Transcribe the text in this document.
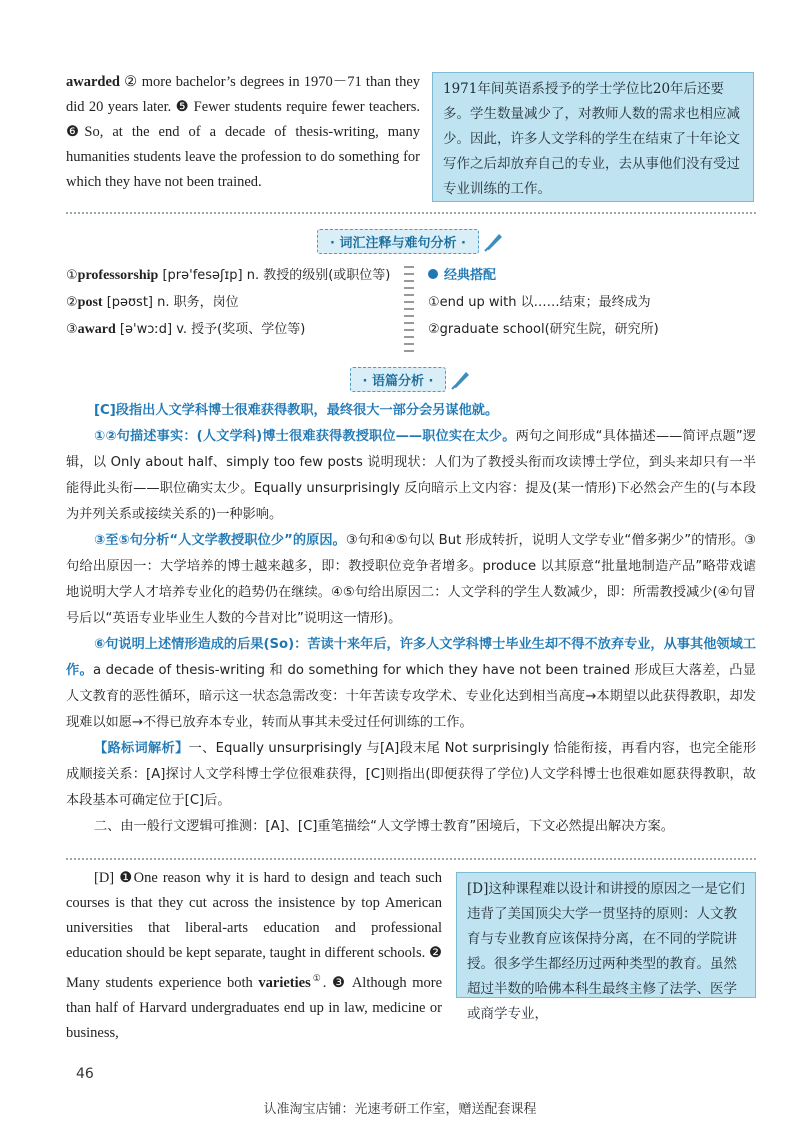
awarded ② more bachelor’s degrees in 1970－71 than they did 20 years later. ❺ Fewer students require fewer teachers. ❻So, at the end of a decade of thesis-writing, many humanities students leave the profession to do something for which they have not been trained.
1971年间英语系授予的学士学位比20年后还要多。学生数量减少了，对教师人数的需求也相应减少。因此，许多人文学科的学生在结束了十年论文写作之后却放弃自己的专业，去从事他们没有受过专业训练的工作。
· 词汇注释与难句分析 ·
①professorship [prə'fesəʃɪp] n. 教授的级别(或职位等)
②post [pəʊst] n. 职务，岗位
③award [ə'wɔːd] v. 授予(奖项、学位等)
经典搭配
①end up with 以……结束；最终成为
②graduate school(研究生院，研究所)
· 语篇分析 ·
[C]段指出人文学科博士很难获得教职，最终很大一部分会另谋他就。
①②句描述事实：(人文学科)博士很难获得教授职位——职位实在太少。两句之间形成“具体描述——简评点题”逻辑，以 Only about half、simply too few posts 说明现状：人们为了教授头衔而攻读博士学位，到头来却只有一半能得此头衔——职位确实太少。Equally unsurprisingly 反向暗示上文内容：提及(某一情形)下必然会产生的(与本段为并列关系或接续关系的)一种影响。
③至⑤句分析“人文学教授职位少”的原因。③句和④⑤句以 But 形成转折，说明人文学专业“僧多粥少”的情形。③句给出原因一：大学培养的博士越来越多，即：教授职位竞争者增多。produce 以其原意“批量地制造产品”略带戏谑地说明大学人才培养专业化的趋势仍在继续。④⑤句给出原因二：人文学科的学生人数减少，即：所需教授减少(④句冒号后以“英语专业毕业生人数的今昔对比”说明这一情形)。
⑥句说明上述情形造成的后果(So)：苦读十来年后，许多人文学科博士毕业生却不得不放弃专业，从事其他领域工作。a decade of thesis-writing 和 do something for which they have not been trained 形成巨大落差，凸显人文教育的恶性循环，暗示这一状态急需改变：十年苦读专攻学术、专业化达到相当高度→本期望以此获得教职，却发现难以如愿→不得已放弃本专业，转而从事其未受过任何训练的工作。
【路标词解析】一、Equally unsurprisingly 与[A]段末尾 Not surprisingly 恰能衔接，再看内容，也完全能形成顺接关系：[A]探讨人文学科博士学位很难获得，[C]则指出(即便获得了学位)人文学科博士也很难如愿获得教职，故本段基本可确定位于[C]后。
二、由一般行文逻辑可推测：[A]、[C]重笔描绘“人文学博士教育”困境后，下文必然提出解决方案。
[D] ❶One reason why it is hard to design and teach such courses is that they cut across the insistence by top American universities that liberal-arts education and professional education should be kept separate, taught in different schools. ❷ Many students experience both varieties①. ❸ Although more than half of Harvard undergraduates end up in law, medicine or business,
[D]这种课程难以设计和讲授的原因之一是它们违背了美国顶尖大学一贯坚持的原则：人文教育与专业教育应该保持分离，在不同的学院讲授。很多学生都经历过两种类型的教育。虽然超过半数的哈佛本科生最终主修了法学、医学或商学专业，
46
认准淘宝店铺：光速考研工作室，赠送配套课程
